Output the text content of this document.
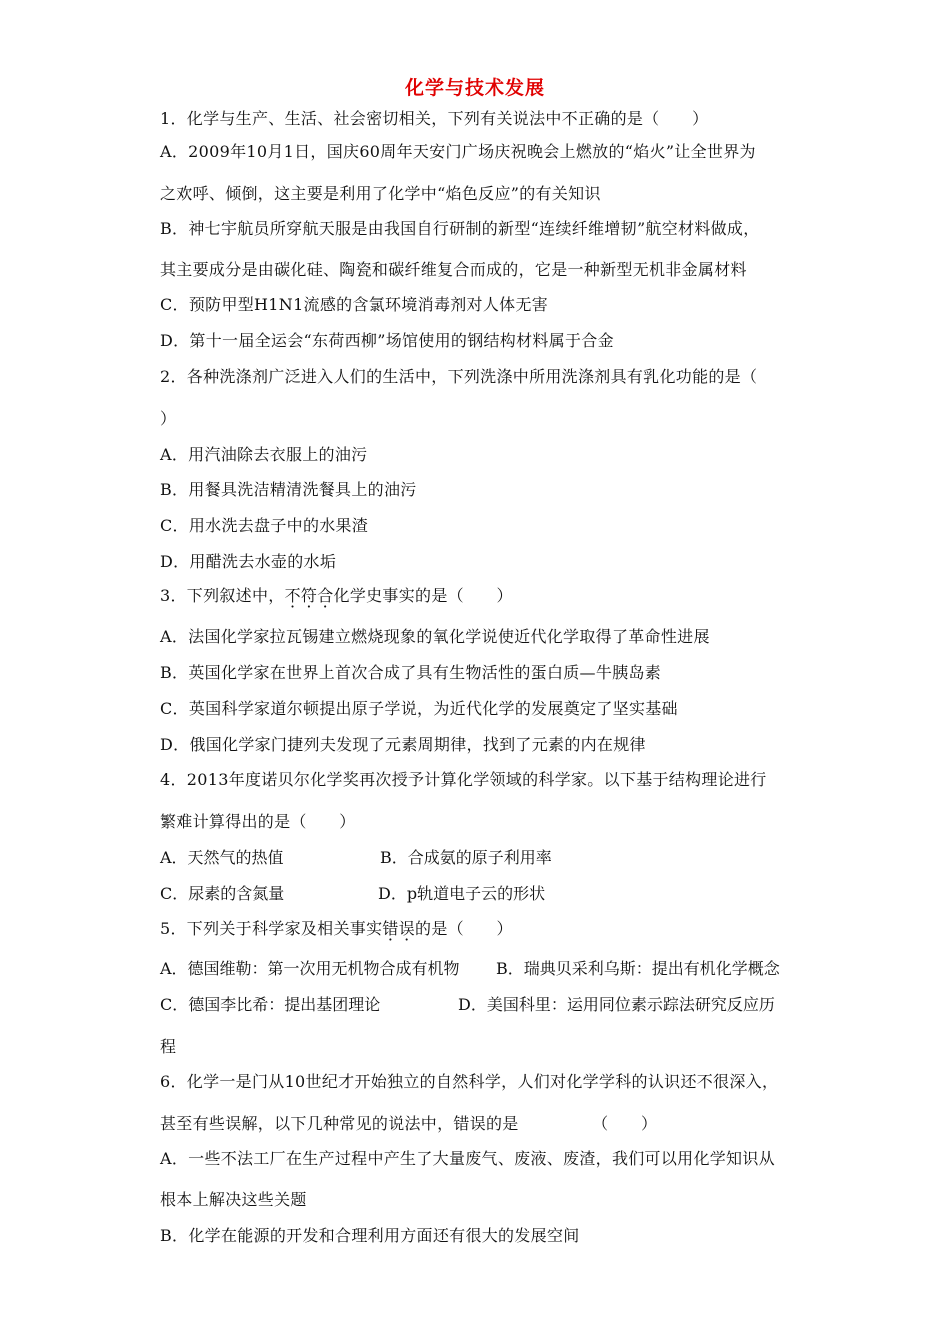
化学与技术发展
1．化学与生产、生活、社会密切相关，下列有关说法中不正确的是（　　）
A．2009年10月1日，国庆60周年天安门广场庆祝晚会上燃放的“焰火”让全世界为
之欢呼、倾倒，这主要是利用了化学中“焰色反应”的有关知识
B．神七宇航员所穿航天服是由我国自行研制的新型“连续纤维增韧”航空材料做成，
其主要成分是由碳化硅、陶瓷和碳纤维复合而成的，它是一种新型无机非金属材料
C．预防甲型H1N1流感的含氯环境消毒剂对人体无害
D．第十一届全运会“东荷西柳”场馆使用的钢结构材料属于合金
2．各种洗涤剂广泛进入人们的生活中，下列洗涤中所用洗涤剂具有乳化功能的是（
）
A．用汽油除去衣服上的油污
B．用餐具洗洁精清洗餐具上的油污
C．用水洗去盘子中的水果渣
D．用醋洗去水壶的水垢
3．下列叙述中，不符合化学史事实的是（　　）
A．法国化学家拉瓦锡建立燃烧现象的氧化学说使近代化学取得了革命性进展
B．英国化学家在世界上首次合成了具有生物活性的蛋白质—牛胰岛素
C．英国科学家道尔顿提出原子学说，为近代化学的发展奠定了坚实基础
D．俄国化学家门捷列夫发现了元素周期律，找到了元素的内在规律
4．2013年度诺贝尔化学奖再次授予计算化学领域的科学家。以下基于结构理论进行
繁难计算得出的是（　　）
A．天然气的热值	B．合成氨的原子利用率
C．尿素的含氮量	D．p轨道电子云的形状
5．下列关于科学家及相关事实错误的是（　　）
A．德国维勒：第一次用无机物合成有机物 B．瑞典贝采利乌斯：提出有机化学概念
C．德国李比希：提出基团理论	D．美国科里：运用同位素示踪法研究反应历
程
6．化学一是门从10世纪才开始独立的自然科学，人们对化学学科的认识还不很深入，
甚至有些误解，以下几种常见的说法中，错误的是　　　　　（　　）
A．一些不法工厂在生产过程中产生了大量废气、废液、废渣，我们可以用化学知识从
根本上解决这些关题
B．化学在能源的开发和合理利用方面还有很大的发展空间
